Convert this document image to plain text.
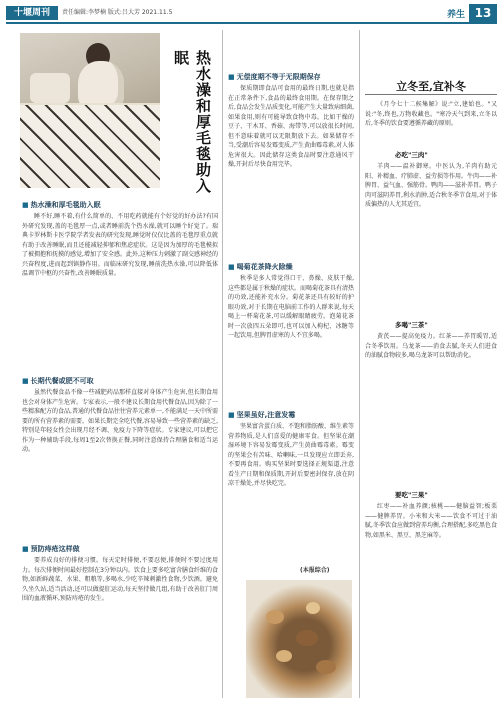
十堰周刊	责任编辑:李梦楠 版式:吕大芳 2021.11.5	养生 13
热水澡和厚毛毯助入眠
■ 热水澡和厚毛毯助入眠

睡不好,睡不着,有什么简单的、不用吃药就能有个好觉的好办法?有国外研究发现,盖的毛毯厚一点,或者睡前洗个热水澡,就可以睡个好觉了。瑞典卡罗林斯卡医学院学者发表的研究发现,睡觉时仅仅比盖的毛毯厚重点就有助于改善睡眠,而且还能减轻抑郁和焦虑症状。这是因为加厚的毛毯模拟了被拥抱和抚摸的感觉,增加了安全感。此外,这种压力刺激了副交感神经的兴奋程度,进而起到镇静作用。而临床研究发现,睡前洗热水澡,可以降低体温调节中枢的兴奋性,改善睡眠质量。

■ 长期代餐或肥不可取

虽然代餐食品不像一些减肥药品那样直接对身体产生危害,但长期食用也会对身体产生危害。专家表示,一般不建议长期食用代餐食品,因为除了一些精准配方的食品,普通的代餐食品往往营养元素单一,不能满足一天中所需要的所有营养素的需要。如果长期完全吃代餐,容易导致一些营养素的缺乏,特别是年轻女性会出现月经不调、免疫力下降等症状。专家建议,可以把它作为一种辅助手段,每周1至2次替换正餐,同时注意保持合理膳食和适当运动。

■ 预防痔疮这样做

要养成良好的排便习惯。每天定时排便,不要忍便,排便时不要过度用力。每次排便时间最好控制在3分钟以内。饮食上要多吃富含膳食纤维的食物,如新鲜蔬菜、水果、粗粮等,多喝水,少吃辛辣刺激性食物,少饮酒。避免久坐久站,适当活动,还可以做提肛运动,每天坚持做几组,有助于改善肛门周围的血液循环,预防痔疮的发生。

■ 无偿度期不等于无限期保存

保质期即食品可食用的最终日期,也就是指在正常条件下,食品的最终食用期。在保存期之后,食品会发生品质变化,可能产生大量致病细菌,如果食用,则有可能导致食物中毒。比如干燥的豆子、干木耳、香菇、海带等,可以放很长时间,但不意味着就可以无限期放下去。如果储存不当,受潮后容易发霉变质,产生黄曲霉毒素,对人体危害很大。因此储存这类食品时要注意通风干燥,开封后尽快食用完毕。

■ 喝菊花茶降火除燥

秋季是多人常觉得口干、鼻燥、皮肤干燥,这些都是属于秋燥的症状。而喝菊花茶具有清热的功效,还能补充水分。菊花茶还具有较好的护眼功效,对于长期在电脑前工作的人群来说,每天喝上一杯菊花茶,可以缓解眼睛疲劳。泡菊花茶时一次放四五朵即可,也可以加入枸杞、冰糖等一起饮用,但脾胃虚寒的人不宜多喝。

■ 坚果虽好,注意发霉

坚果富含蛋白质、不饱和脂肪酸、维生素等营养物质,是人们喜爱的健康零食。但坚果在潮湿环境下容易发霉变质,产生黄曲霉毒素。霉变的坚果会有苦味、哈喇味,一旦发现应立即丢弃,不要再食用。购买坚果时要选择正规渠道,注意看生产日期和保质期,开封后要密封保存,放在阴凉干燥处,并尽快吃完。

(本报综合)
立冬至,宜补冬

《月令七十二候集解》说:"立,建始也。"又说:"冬,终也,万物收藏也。"寒冷天气到来,立冬以后,冬季的饮食要遵循养藏的原则。

必吃"三肉"

羊肉——温补御寒。中医认为,羊肉有助元阳、补精血、疗肺虚、益劳损等作用。牛肉——补脾胃、益气血、强筋骨。鸭肉——滋补养胃。鸭子肉可滋阴养胃,利水消肿,适合秋冬季节食用,对于体质偏热的人尤其适宜。

多喝"三茶"

黄芪——提高免疫力。红茶——养胃暖胃,适合冬季饮用。乌龙茶——消食去腻,冬天人们进食的油腻食物较多,喝乌龙茶可以帮助消化。

要吃"三果"

红枣——补血养颜;核桃——健脑益智;板栗——健脾养胃。小米和大米——饮食不可过于油腻,冬季饮食应做到营养均衡,合理搭配,多吃黑色食物,如黑米、黑豆、黑芝麻等。
